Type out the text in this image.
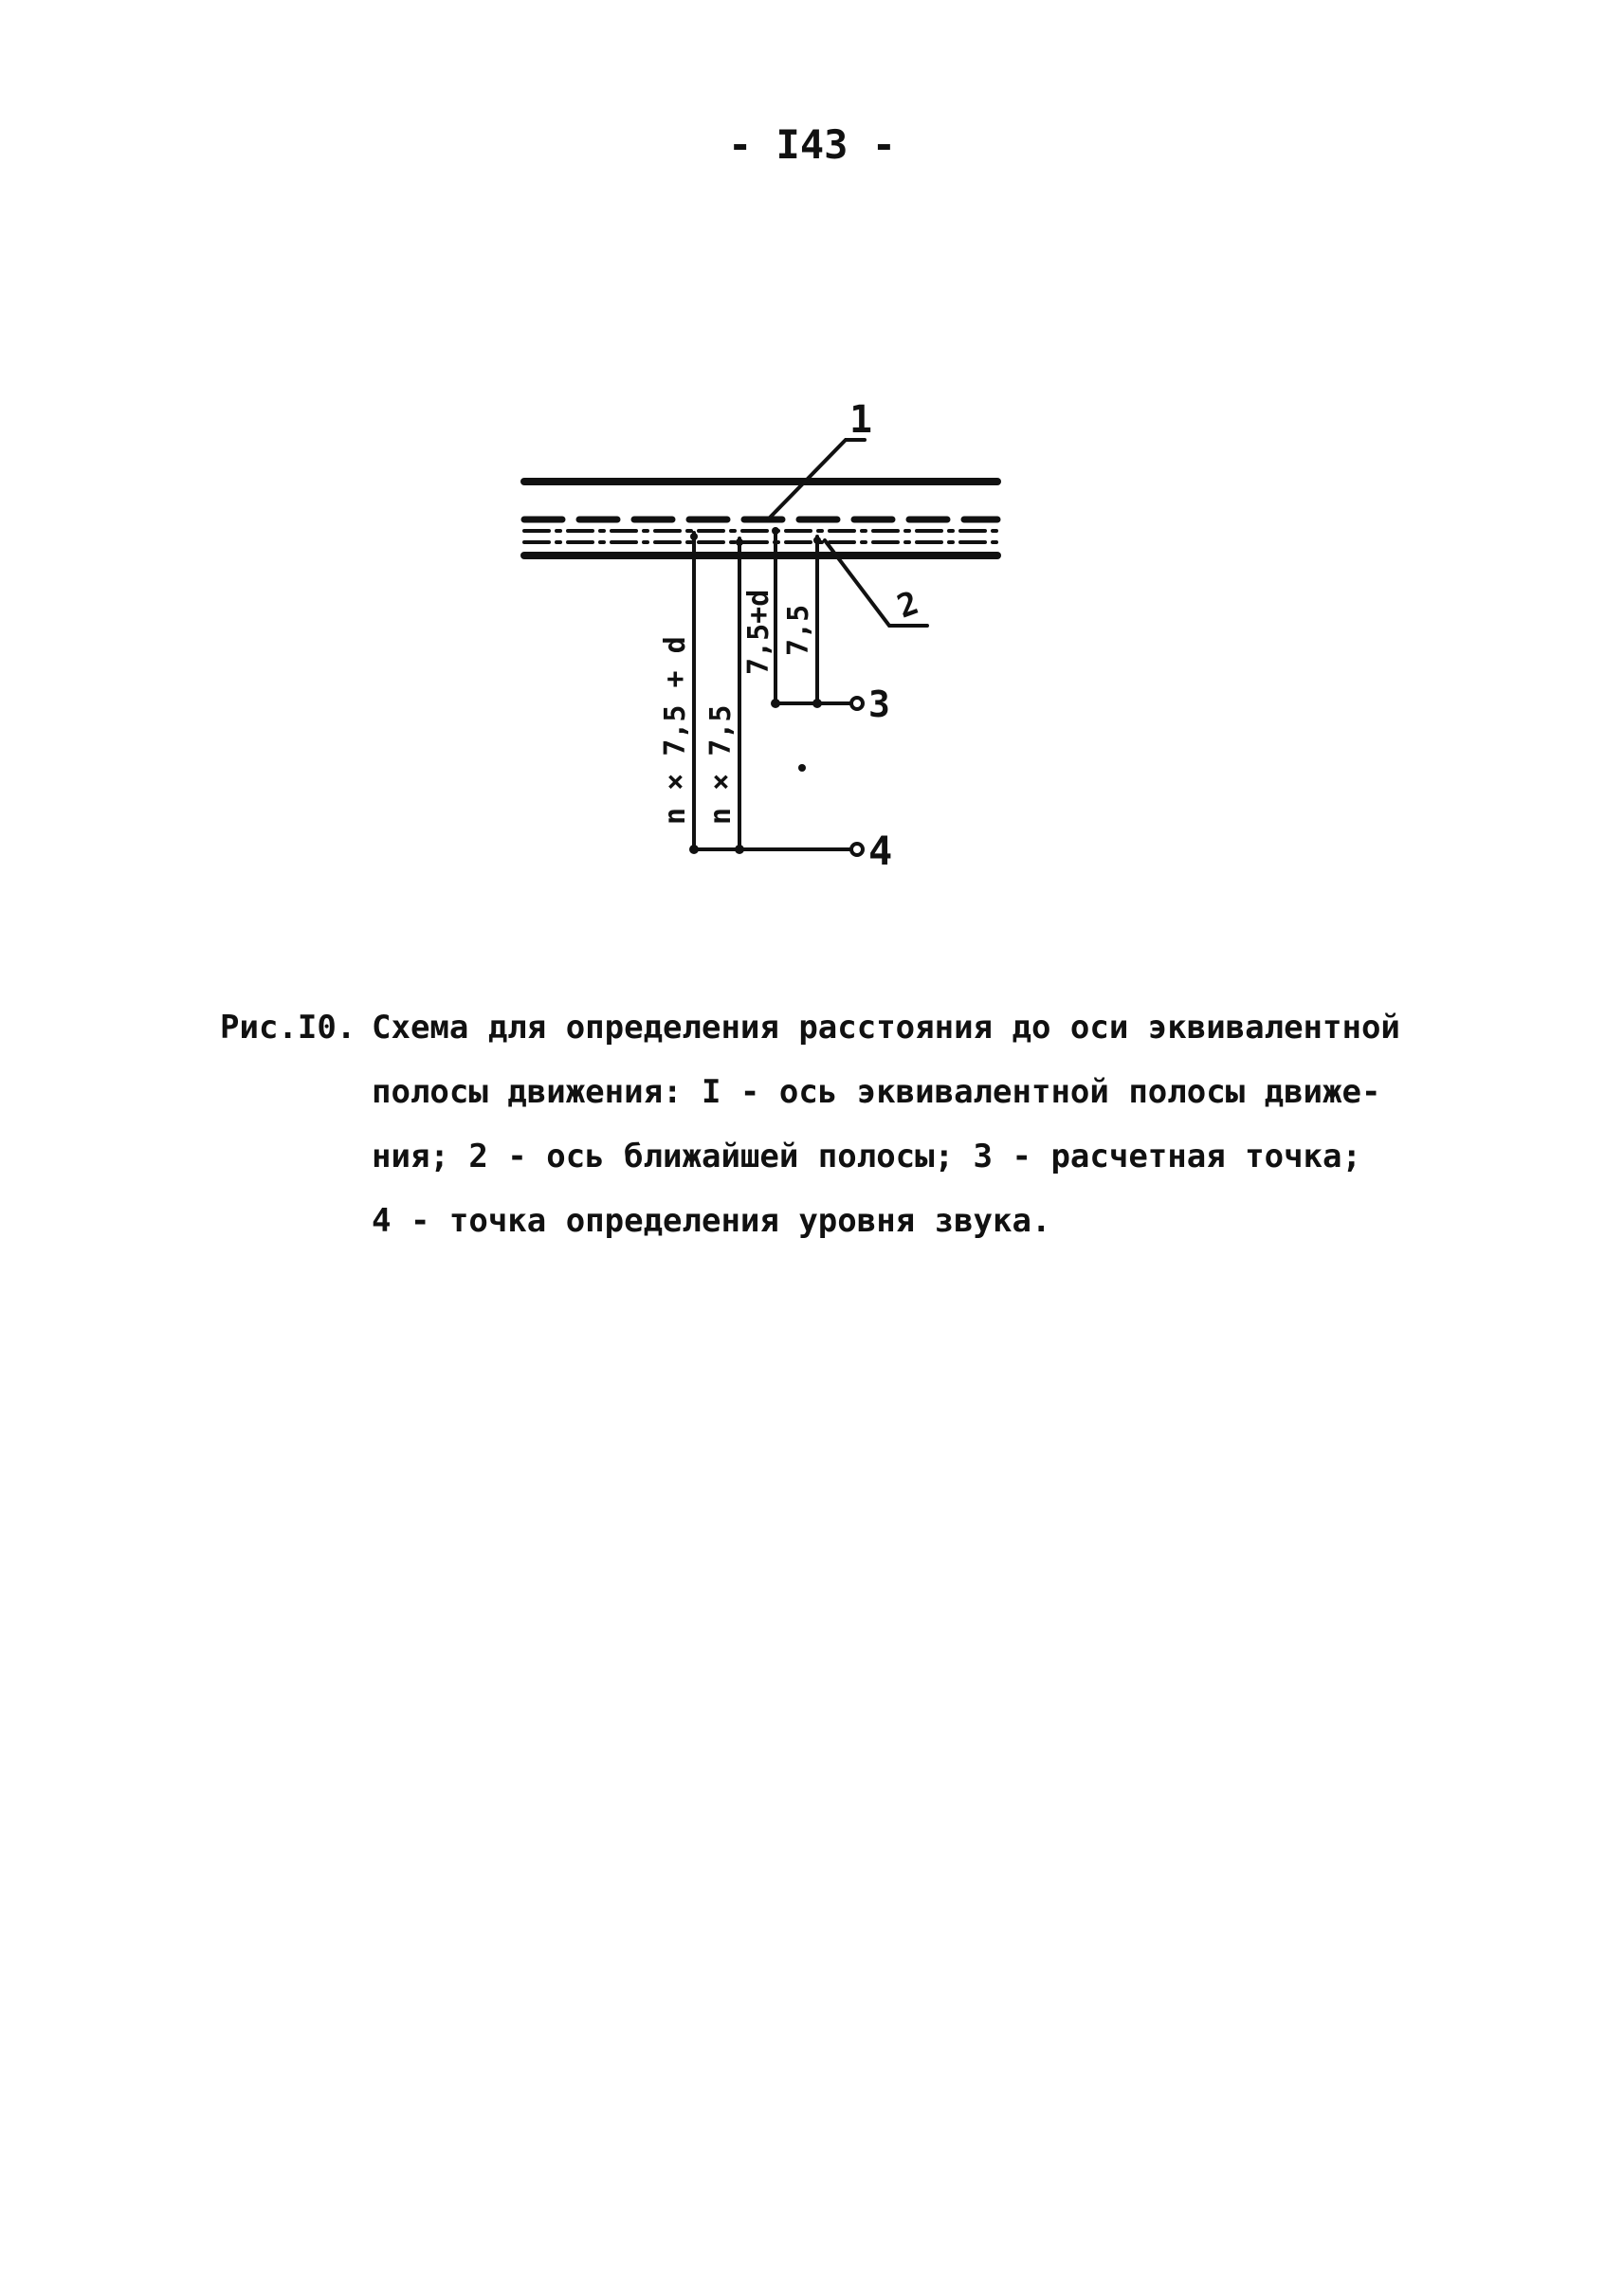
- I43 -
1
2
3
4
n × 7,5 + d n × 7,5
7,5+d 7,5
Рис.I0. Схема для определения расстояния до оси эквивалентной
полосы движения: I - ось эквивалентной полосы движе-
ния; 2 - ось ближайшей полосы; 3 - расчетная точка;
4 - точка определения уровня звука.
